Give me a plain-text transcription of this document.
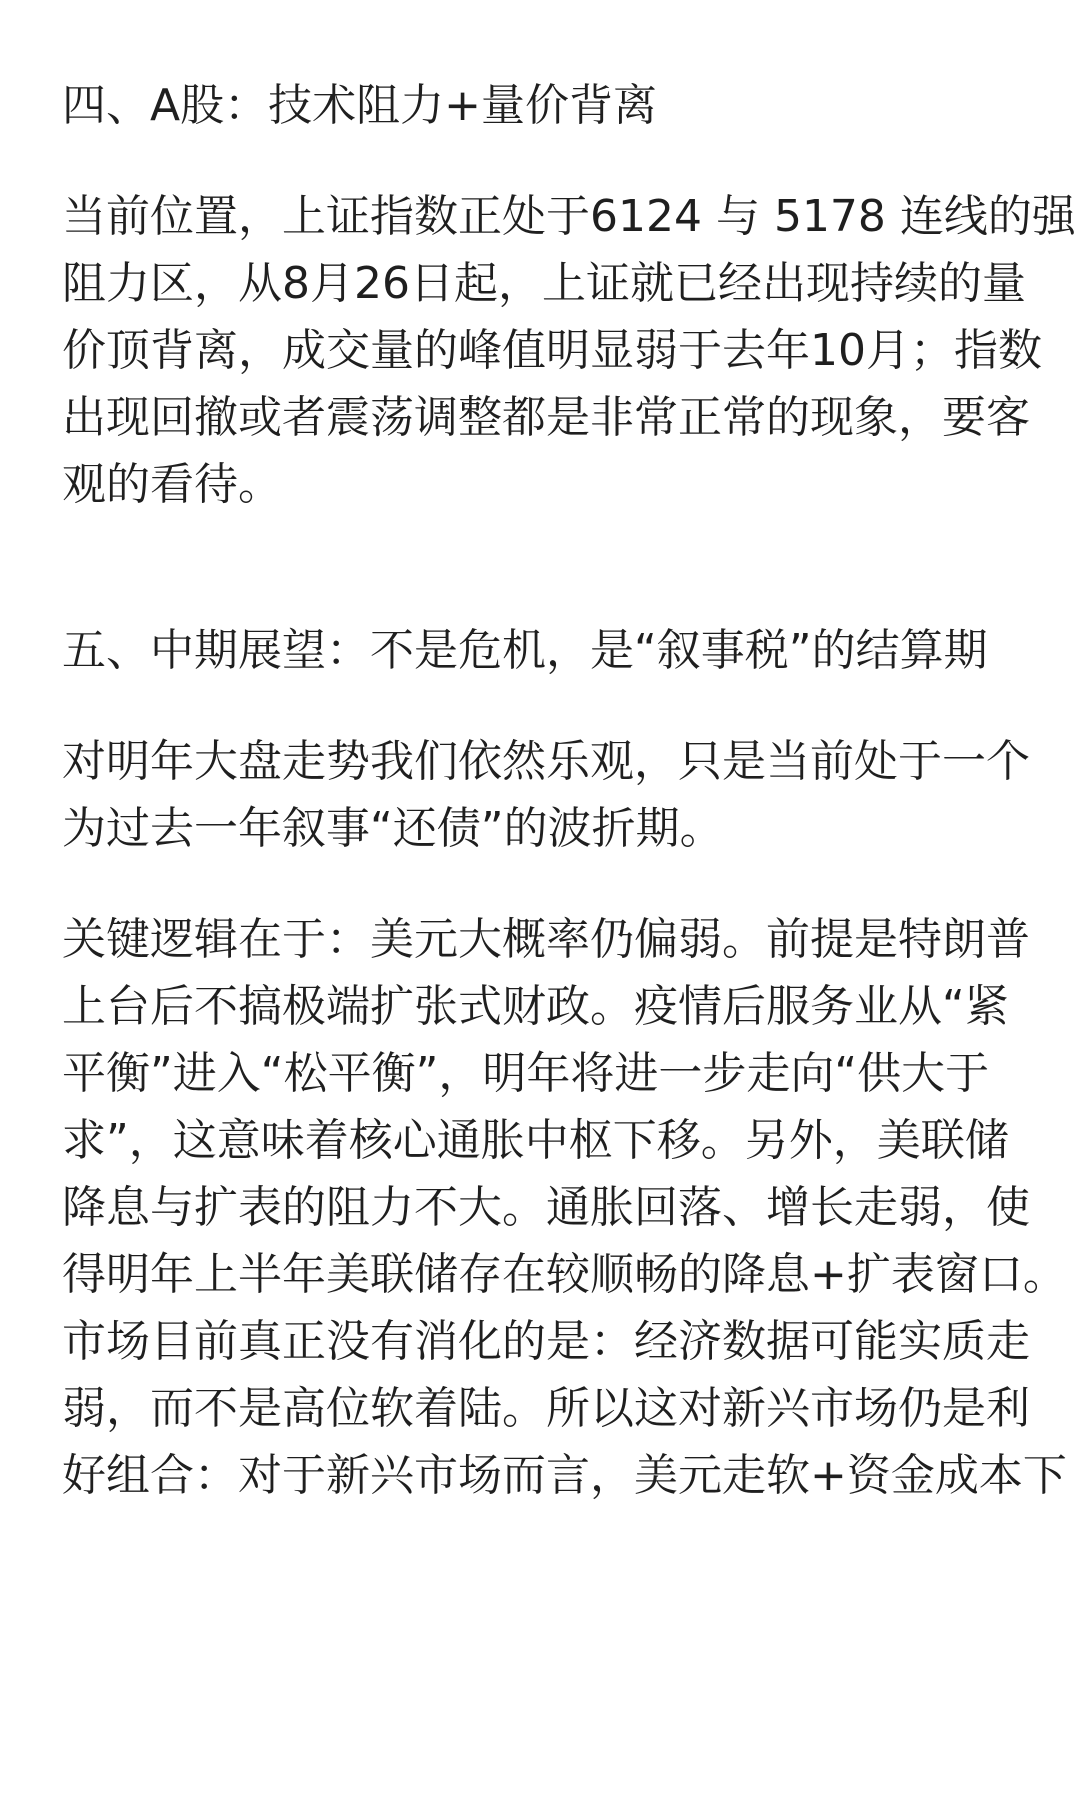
四、A股：技术阻力+量价背离
当前位置，上证指数正处于6124 与 5178 连线的强
阻力区，从8月26日起，上证就已经出现持续的量
价顶背离，成交量的峰值明显弱于去年10月；指数
出现回撤或者震荡调整都是非常正常的现象，要客
观的看待。
五、中期展望：不是危机，是“叙事税”的结算期
对明年大盘走势我们依然乐观，只是当前处于一个
为过去一年叙事“还债”的波折期。
关键逻辑在于：美元大概率仍偏弱。前提是特朗普
上台后不搞极端扩张式财政。疫情后服务业从“紧
平衡”进入“松平衡”，明年将进一步走向“供大于
求”，这意味着核心通胀中枢下移。另外，美联储
降息与扩表的阻力不大。通胀回落、增长走弱，使
得明年上半年美联储存在较顺畅的降息+扩表窗口。
市场目前真正没有消化的是：经济数据可能实质走
弱，而不是高位软着陆。所以这对新兴市场仍是利
好组合：对于新兴市场而言，美元走软+资金成本下
